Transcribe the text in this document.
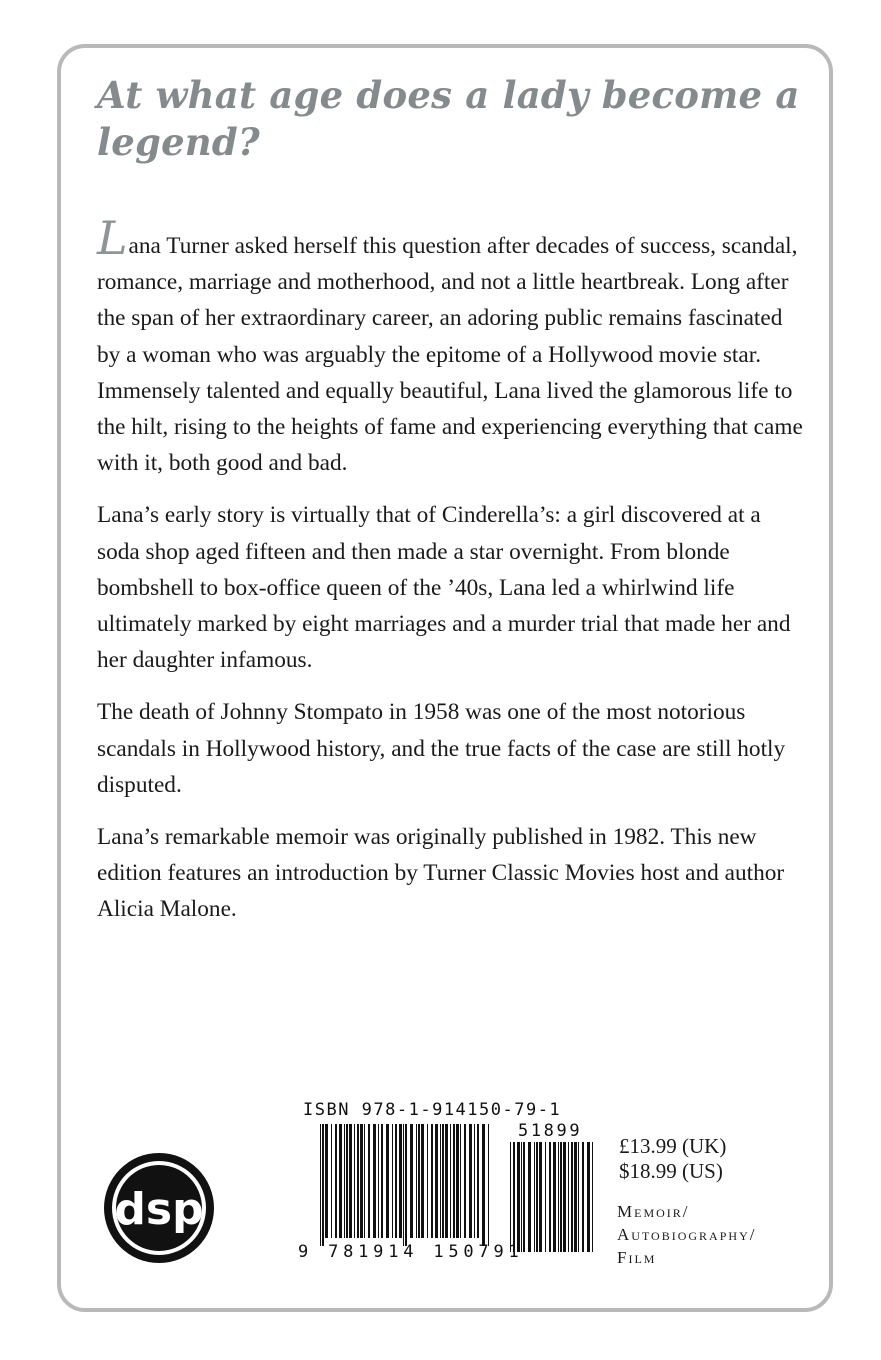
At what age does a lady become a legend?

Lana Turner asked herself this question after decades of success, scandal, romance, marriage and motherhood, and not a little heartbreak. Long after the span of her extraordinary career, an adoring public remains fascinated by a woman who was arguably the epitome of a Hollywood movie star. Immensely talented and equally beautiful, Lana lived the glamorous life to the hilt, rising to the heights of fame and experiencing everything that came with it, both good and bad.

Lana’s early story is virtually that of Cinderella’s: a girl discovered at a soda shop aged fifteen and then made a star overnight. From blonde bombshell to box-office queen of the ’40s, Lana led a whirlwind life ultimately marked by eight marriages and a murder trial that made her and her daughter infamous.

The death of Johnny Stompato in 1958 was one of the most notorious scandals in Hollywood history, and the true facts of the case are still hotly disputed.

Lana’s remarkable memoir was originally published in 1982. This new edition features an introduction by Turner Classic Movies host and author Alicia Malone.

dsp
ISBN 978-1-914150-79-1
51899
9 781914 150791
£13.99 (UK)
$18.99 (US)
Memoir/
Autobiography/
Film
